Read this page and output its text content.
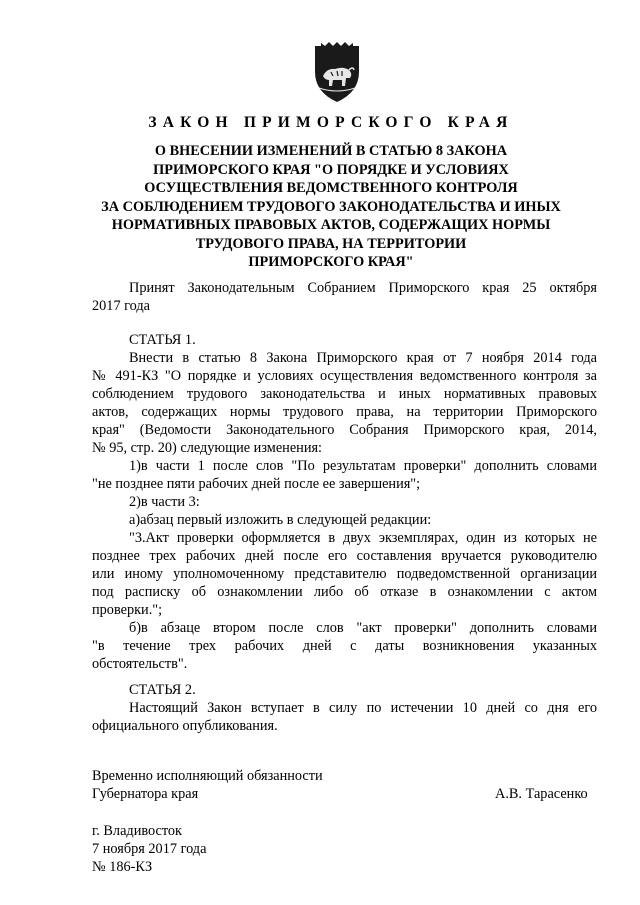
ЗАКОН ПРИМОРСКОГО КРАЯ
О ВНЕСЕНИИ ИЗМЕНЕНИЙ В СТАТЬЮ 8 ЗАКОНА
ПРИМОРСКОГО КРАЯ "О ПОРЯДКЕ И УСЛОВИЯХ
ОСУЩЕСТВЛЕНИЯ ВЕДОМСТВЕННОГО КОНТРОЛЯ
ЗА СОБЛЮДЕНИЕМ ТРУДОВОГО ЗАКОНОДАТЕЛЬСТВА И ИНЫХ
НОРМАТИВНЫХ ПРАВОВЫХ АКТОВ, СОДЕРЖАЩИХ НОРМЫ
ТРУДОВОГО ПРАВА, НА ТЕРРИТОРИИ
ПРИМОРСКОГО КРАЯ"
Принят Законодательным Собранием Приморского края 25 октября
2017 года
СТАТЬЯ 1.
Внести в статью 8 Закона Приморского края от 7 ноября 2014 года
№ 491-КЗ "О порядке и условиях осуществления ведомственного контроля за
соблюдением трудового законодательства и иных нормативных правовых
актов, содержащих нормы трудового права, на территории Приморского
края" (Ведомости Законодательного Собрания Приморского края, 2014,
№ 95, стр. 20) следующие изменения:
1)в части 1 после слов "По результатам проверки" дополнить словами
"не позднее пяти рабочих дней после ее завершения";
2)в части 3:
а)абзац первый изложить в следующей редакции:
"3.Акт проверки оформляется в двух экземплярах, один из которых не
позднее трех рабочих дней после его составления вручается руководителю
или иному уполномоченному представителю подведомственной организации
под расписку об ознакомлении либо об отказе в ознакомлении с актом
проверки.";
б)в абзаце втором после слов "акт проверки" дополнить словами
"в течение трех рабочих дней с даты возникновения указанных
обстоятельств".
СТАТЬЯ 2.
Настоящий Закон вступает в силу по истечении 10 дней со дня его
официального опубликования.
Временно исполняющий обязанности
Губернатора края	А.В. Тарасенко
г. Владивосток
7 ноября 2017 года
№ 186-КЗ
